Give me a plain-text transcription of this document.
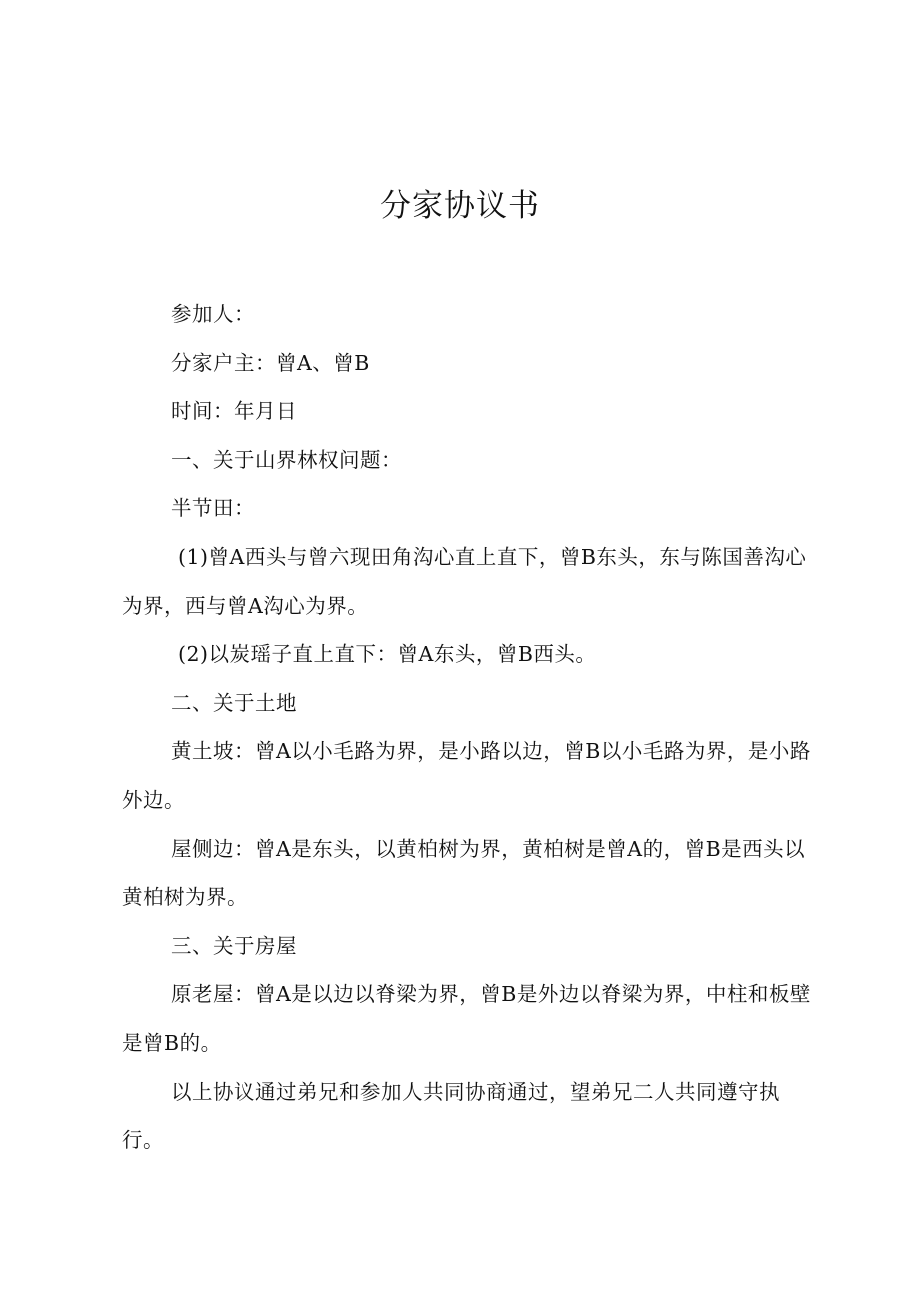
分家协议书

参加人：

分家户主：曾A、曾B

时间：年月日

一、关于山界林权问题：

半节田：

(1)曾A西头与曾六现田角沟心直上直下，曾B东头，东与陈国善沟心为界，西与曾A沟心为界。

(2)以炭瑶子直上直下：曾A东头，曾B西头。

二、关于土地

黄土坡：曾A以小毛路为界，是小路以边，曾B以小毛路为界，是小路外边。

屋侧边：曾A是东头，以黄柏树为界，黄柏树是曾A的，曾B是西头以黄柏树为界。

三、关于房屋

原老屋：曾A是以边以脊梁为界，曾B是外边以脊梁为界，中柱和板壁是曾B的。

以上协议通过弟兄和参加人共同协商通过，望弟兄二人共同遵守执行。
